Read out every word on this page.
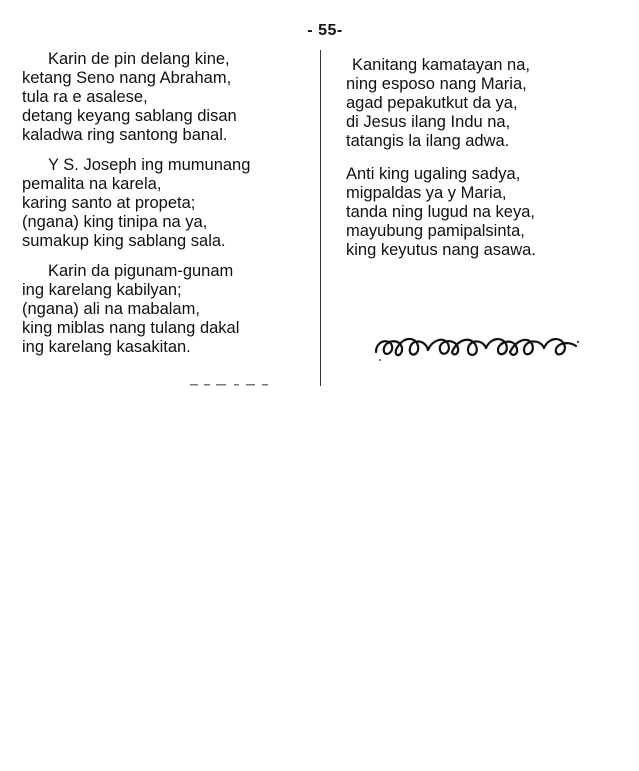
- 55-
Karin de pin delang kine,
ketang Seno nang Abraham,
tula ra e asalese,
detang keyang sablang disan
kaladwa ring santong banal.
Y S. Joseph ing mumunang
pemalita na karela,
karing santo at propeta;
(ngana) king tinipa na ya,
sumakup king sablang sala.
Karin da pigunam-gunam
ing karelang kabilyan;
(ngana) ali na mabalam,
king miblas nang tulang dakal
ing karelang kasakitan.
Kanitang kamatayan na,
ning esposo nang Maria,
agad pepakutkut da ya,
di Jesus ilang Indu na,
tatangis la ilang adwa.
Anti king ugaling sadya,
migpaldas ya y Maria,
tanda ning lugud na keya,
mayubung pamipalsinta,
king keyutus nang asawa.
